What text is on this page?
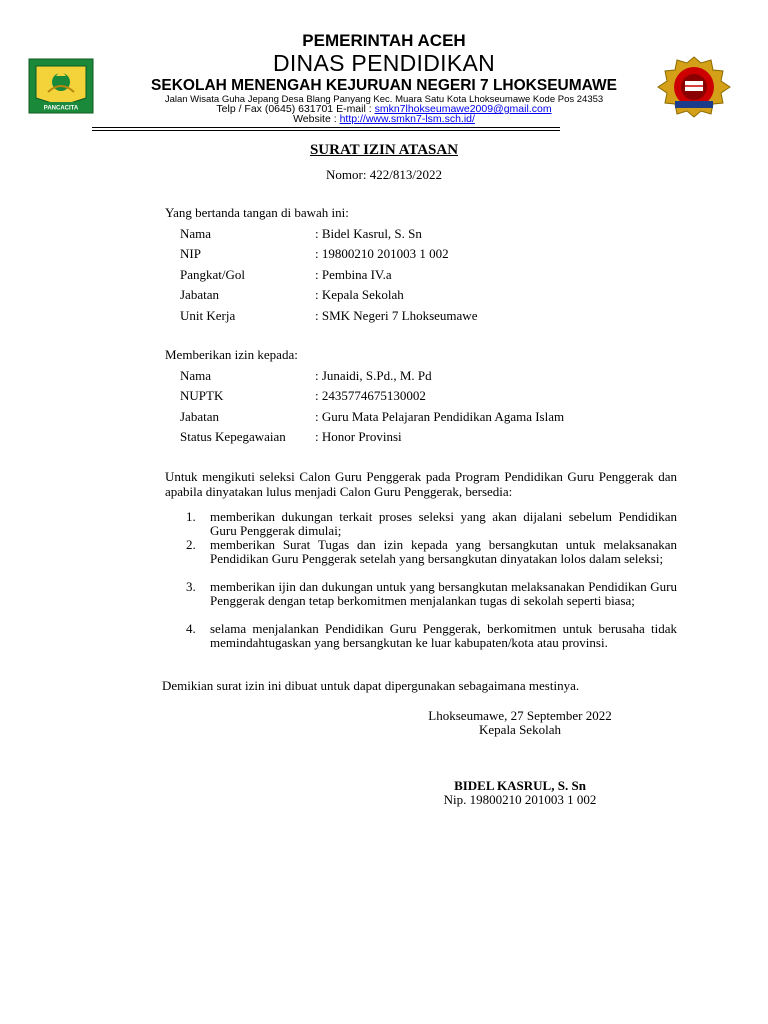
PANCACITA
PEMERINTAH ACEH
DINAS PENDIDIKAN
SEKOLAH MENENGAH KEJURUAN NEGERI 7 LHOKSEUMAWE
Jalan Wisata Guha Jepang Desa Blang Panyang Kec. Muara Satu Kota Lhokseumawe Kode Pos 24353
Telp / Fax (0645) 631701 E-mail : smkn7lhokseumawe2009@gmail.com
Website : http://www.smkn7-lsm.sch.id/
SURAT IZIN ATASAN
Nomor: 422/813/2022
Yang bertanda tangan di bawah ini:
Nama	: Bidel Kasrul, S. Sn
NIP	: 19800210 201003 1 002
Pangkat/Gol	: Pembina IV.a
Jabatan	: Kepala Sekolah
Unit Kerja	: SMK Negeri 7 Lhokseumawe
Memberikan izin kepada:
Nama	: Junaidi, S.Pd., M. Pd
NUPTK	: 2435774675130002
Jabatan	: Guru Mata Pelajaran Pendidikan Agama Islam
Status Kepegawaian : Honor Provinsi
Untuk mengikuti seleksi Calon Guru Penggerak pada Program Pendidikan Guru Penggerak dan apabila dinyatakan lulus menjadi Calon Guru Penggerak, bersedia:
1.	memberikan dukungan terkait proses seleksi yang akan dijalani sebelum Pendidikan Guru Penggerak dimulai;
2.	memberikan Surat Tugas dan izin kepada yang bersangkutan untuk melaksanakan Pendidikan Guru Penggerak setelah yang bersangkutan dinyatakan lolos dalam seleksi;
3.	memberikan ijin dan dukungan untuk yang bersangkutan melaksanakan Pendidikan Guru Penggerak dengan tetap berkomitmen menjalankan tugas di sekolah seperti biasa;
4.	selama menjalankan Pendidikan Guru Penggerak, berkomitmen untuk berusaha tidak memindahtugaskan yang bersangkutan ke luar kabupaten/kota atau provinsi.
Demikian surat izin ini dibuat untuk dapat dipergunakan sebagaimana mestinya.
Lhokseumawe, 27 September 2022
Kepala Sekolah
BIDEL KASRUL, S. Sn
Nip. 19800210 201003 1 002
